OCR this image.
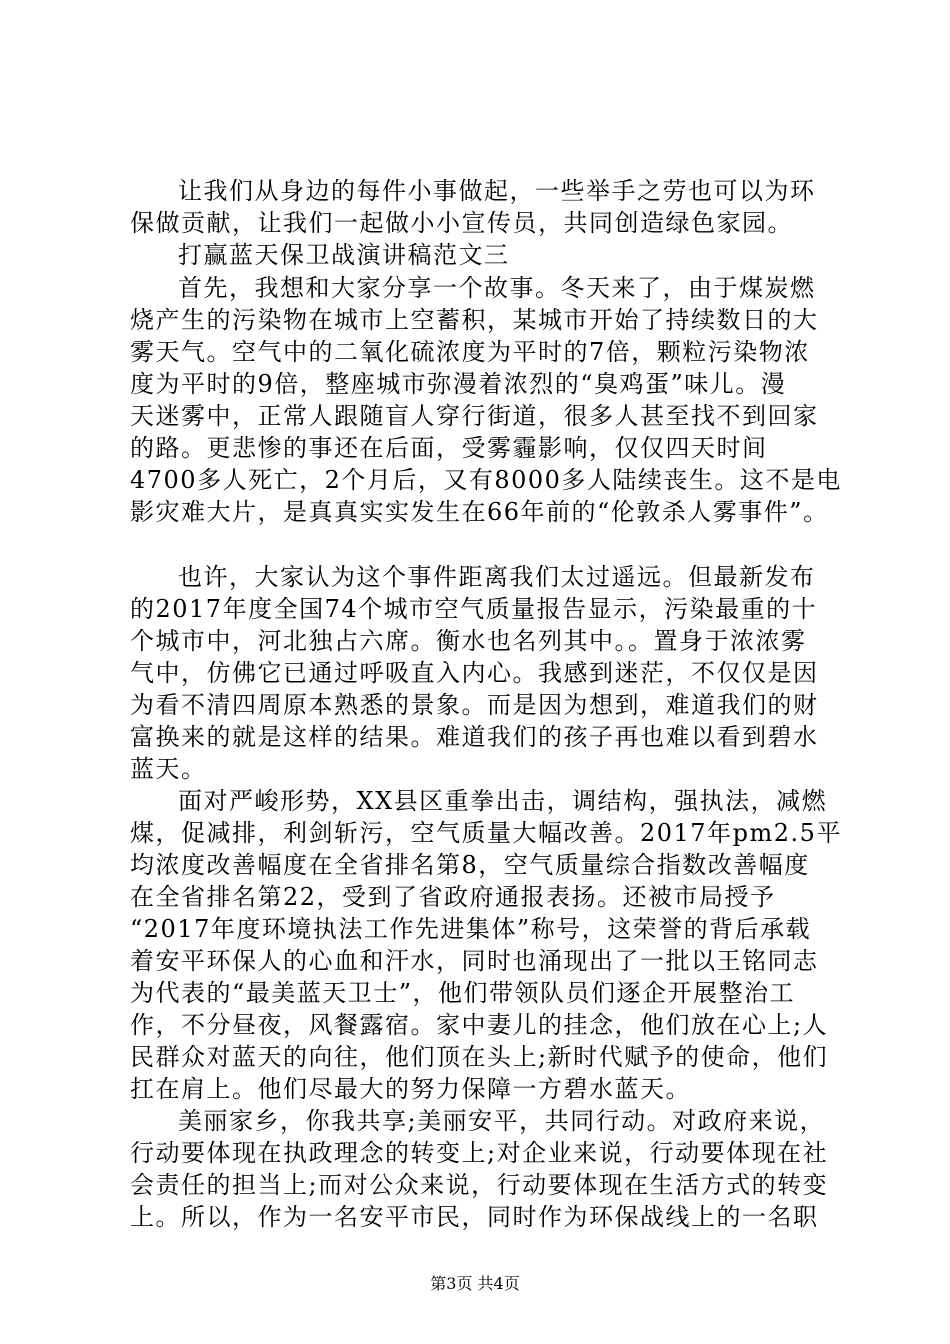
让我们从身边的每件小事做起，一些举手之劳也可以为环
保做贡献，让我们一起做小小宣传员，共同创造绿色家园。
打赢蓝天保卫战演讲稿范文三
首先，我想和大家分享一个故事。冬天来了，由于煤炭燃
烧产生的污染物在城市上空蓄积，某城市开始了持续数日的大
雾天气。空气中的二氧化硫浓度为平时的7倍，颗粒污染物浓
度为平时的9倍，整座城市弥漫着浓烈的“臭鸡蛋”味儿。漫
天迷雾中，正常人跟随盲人穿行街道，很多人甚至找不到回家
的路。更悲惨的事还在后面，受雾霾影响，仅仅四天时间
4700多人死亡，2个月后，又有8000多人陆续丧生。这不是电
影灾难大片，是真真实实发生在66年前的“伦敦杀人雾事件”。
也许，大家认为这个事件距离我们太过遥远。但最新发布
的2017年度全国74个城市空气质量报告显示，污染最重的十
个城市中，河北独占六席。衡水也名列其中。。置身于浓浓雾
气中，仿佛它已通过呼吸直入内心。我感到迷茫，不仅仅是因
为看不清四周原本熟悉的景象。而是因为想到，难道我们的财
富换来的就是这样的结果。难道我们的孩子再也难以看到碧水
蓝天。
面对严峻形势，XX县区重拳出击，调结构，强执法，减燃
煤，促减排，利剑斩污，空气质量大幅改善。2017年pm2.5平
均浓度改善幅度在全省排名第8，空气质量综合指数改善幅度
在全省排名第22，受到了省政府通报表扬。还被市局授予
“2017年度环境执法工作先进集体”称号，这荣誉的背后承载
着安平环保人的心血和汗水，同时也涌现出了一批以王铭同志
为代表的“最美蓝天卫士”，他们带领队员们逐企开展整治工
作，不分昼夜，风餐露宿。家中妻儿的挂念，他们放在心上;人
民群众对蓝天的向往，他们顶在头上;新时代赋予的使命，他们
扛在肩上。他们尽最大的努力保障一方碧水蓝天。
美丽家乡，你我共享;美丽安平，共同行动。对政府来说，
行动要体现在执政理念的转变上;对企业来说，行动要体现在社
会责任的担当上;而对公众来说，行动要体现在生活方式的转变
上。所以，作为一名安平市民，同时作为环保战线上的一名职
第3页 共4页
